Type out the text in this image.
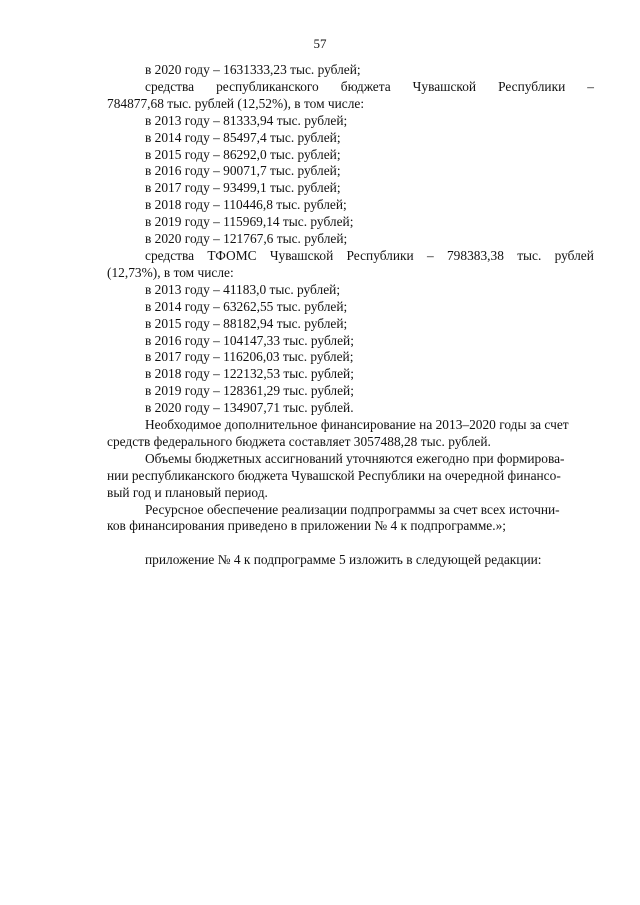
57
в 2020 году – 1631333,23 тыс. рублей;
средства республиканского бюджета Чувашской Республики –
784877,68 тыс. рублей (12,52%), в том числе:
в 2013 году – 81333,94 тыс. рублей;
в 2014 году – 85497,4 тыс. рублей;
в 2015 году – 86292,0 тыс. рублей;
в 2016 году – 90071,7 тыс. рублей;
в 2017 году – 93499,1 тыс. рублей;
в 2018 году – 110446,8 тыс. рублей;
в 2019 году – 115969,14 тыс. рублей;
в 2020 году – 121767,6 тыс. рублей;
средства ТФОМС Чувашской Республики – 798383,38 тыс. рублей
(12,73%), в том числе:
в 2013 году – 41183,0 тыс. рублей;
в 2014 году – 63262,55 тыс. рублей;
в 2015 году – 88182,94 тыс. рублей;
в 2016 году – 104147,33 тыс. рублей;
в 2017 году – 116206,03 тыс. рублей;
в 2018 году – 122132,53 тыс. рублей;
в 2019 году – 128361,29 тыс. рублей;
в 2020 году – 134907,71 тыс. рублей.
Необходимое дополнительное финансирование на 2013–2020 годы за счет
средств федерального бюджета составляет 3057488,28 тыс. рублей.
Объемы бюджетных ассигнований уточняются ежегодно при формирова-
нии республиканского бюджета Чувашской Республики на очередной финансо-
вый год и плановый период.
Ресурсное обеспечение реализации подпрограммы за счет всех источни-
ков финансирования приведено в приложении № 4 к подпрограмме.»;
приложение № 4 к подпрограмме 5 изложить в следующей редакции:
